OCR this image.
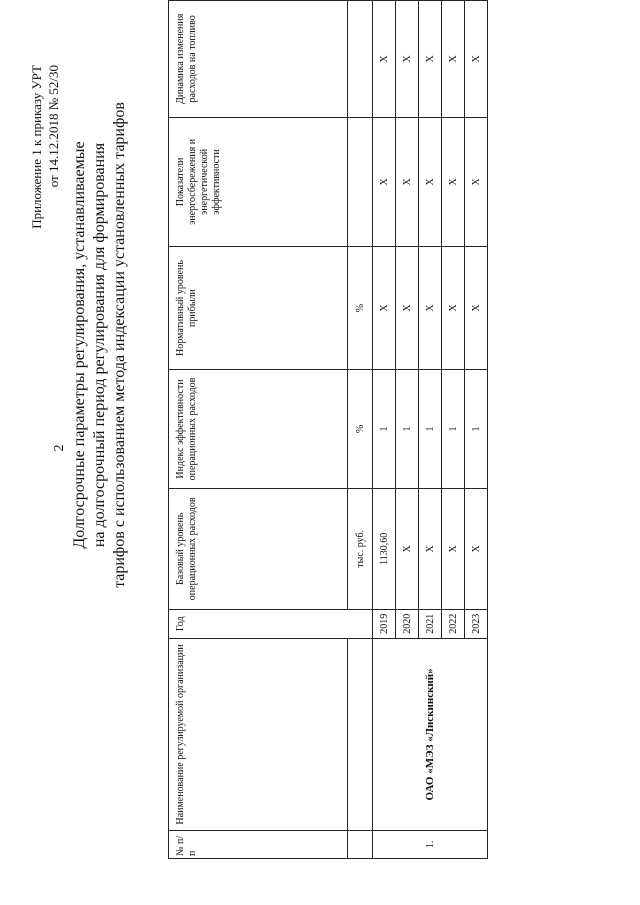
2
Приложение 1 к приказу УРТ от 14.12.2018 № 52/30
Долгосрочные параметры регулирования, устанавливаемые на долгосрочный период регулирования для формирования тарифов с использованием метода индексации установленных тарифов
№ п/п	Наименование регулируемой организации	Год	Базовый уровень операционных расходов	Индекс эффективности операционных расходов	Нормативный уровень прибыли	Показатели энергосбережения и энергетической эффективности	Динамика изменения расходов на топливо
			тыс. руб.	%	%		
1.	ОАО «МЭЗ «Лискинский»	2019	1130,60	1	X	X	X
		2020	X	1	X	X	X
		2021	X	1	X	X	X
		2022	X	1	X	X	X
		2023	X	1	X	X	X
